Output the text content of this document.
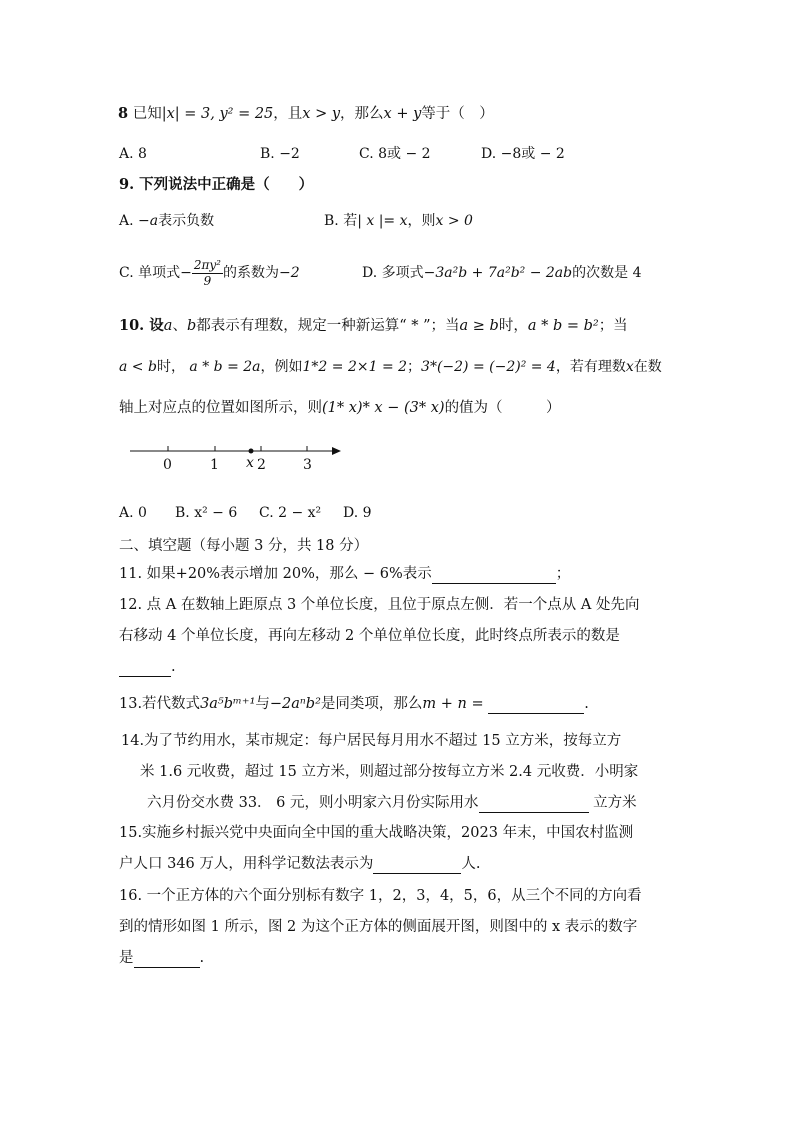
8 已知|x| = 3, y² = 25，且x > y，那么x + y等于（　）
A. 8	B. −2	C. 8或 − 2	D. −8或 − 2
9. 下列说法中正确是（　　）
A. −a表示负数	B. 若| x |= x，则x > 0
C. 单项式− $\frac{\text{2πy²}}{9}$ 的系数为−2	D. 多项式−3a²b + 7a²b² − 2ab的次数是 4
10. 设a、b都表示有理数，规定一种新运算“ * ”；当a ≥ b时，a * b = b²；当
a < b时， a * b = 2a，例如1*2 = 2×1 = 2；3*(−2) = (−2)² = 4，若有理数x在数
轴上对应点的位置如图所示，则(1* x)* x − (3* x)的值为（　　　）
0	1 x 2	3
A. 0 B. x² − 6 C. 2 − x² D. 9
二、填空题（每小题 3 分，共 18 分）
11. 如果+20%表示增加 20%，那么 − 6%表示	；
12. 点 A 在数轴上距原点 3 个单位长度，且位于原点左侧．若一个点从 A 处先向
右移动 4 个单位长度，再向左移动 2 个单位单位长度，此时终点所表示的数是
.
13.若代数式3a⁵bᵐ⁺¹与−2aⁿb²是同类项，那么m + n =	.
14.为了节约用水，某市规定：每户居民每月用水不超过 15 立方米，按每立方
米 1.6 元收费，超过 15 立方米，则超过部分按每立方米 2.4 元收费．小明家
六月份交水费 33． 6 元，则小明家六月份实际用水	立方米
15.实施乡村振兴党中央面向全中国的重大战略决策，2023 年末，中国农村监测
户人口 346 万人，用科学记数法表示为	人.
16. 一个正方体的六个面分别标有数字 1，2，3，4，5，6，从三个不同的方向看
到的情形如图 1 所示，图 2 为这个正方体的侧面展开图，则图中的 x 表示的数字
是	.
